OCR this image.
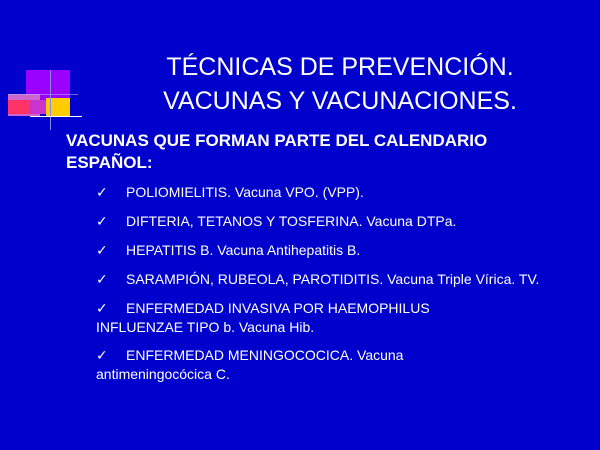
TÉCNICAS DE PREVENCIÓN.
VACUNAS Y VACUNACIONES.
VACUNAS QUE FORMAN PARTE DEL CALENDARIO
ESPAÑOL:
✓ POLIOMIELITIS. Vacuna VPO. (VPP).
✓ DIFTERIA, TETANOS Y TOSFERINA. Vacuna DTPa.
✓ HEPATITIS B. Vacuna Antihepatitis B.
✓ SARAMPIÓN, RUBEOLA, PAROTIDITIS. Vacuna Triple Vírica. TV.
✓ ENFERMEDAD INVASIVA POR HAEMOPHILUS INFLUENZAE TIPO b. Vacuna Hib.
✓ ENFERMEDAD MENINGOCOCICA. Vacuna antimeningocócica C.
